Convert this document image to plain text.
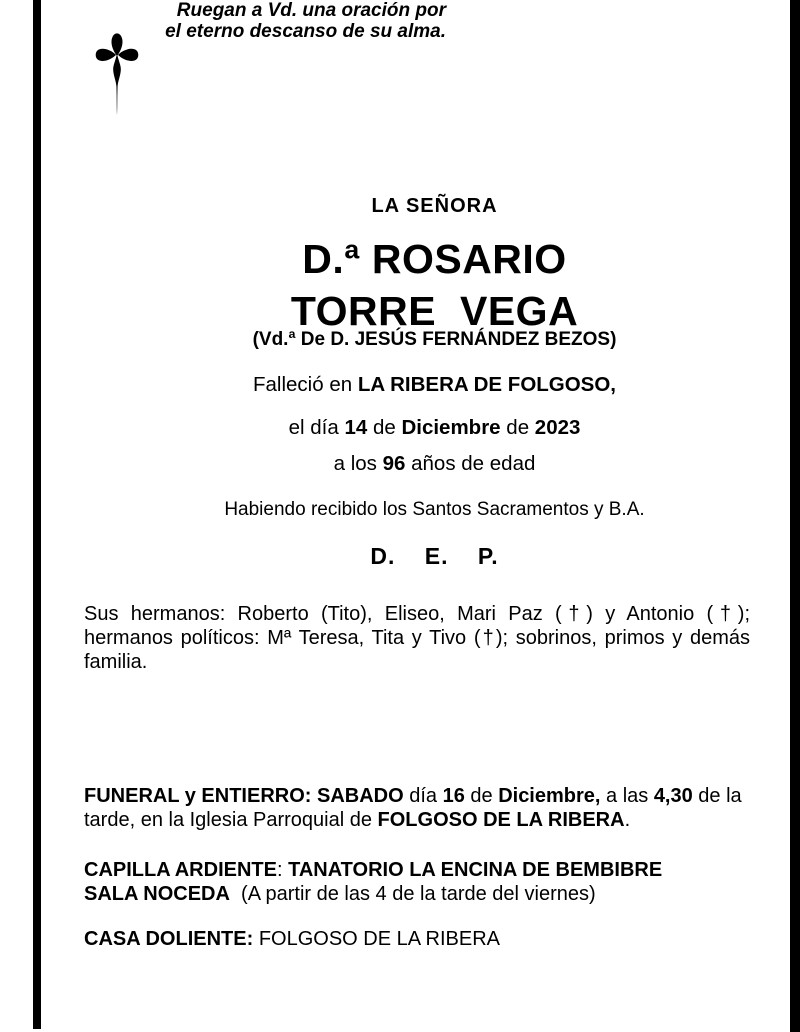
LA SEÑORA
D.ª ROSARIO
TORRE VEGA
(Vd.ª De D. JESÚS FERNÁNDEZ BEZOS)
Falleció en LA RIBERA DE FOLGOSO,
el día 14 de Diciembre de 2023
a los 96 años de edad
Habiendo recibido los Santos Sacramentos y B.A.
D. E. P.
Sus hermanos: Roberto (Tito), Eliseo, Mari Paz (†) y Antonio (†);
hermanos políticos: Mª Teresa, Tita y Tivo (†); sobrinos, primos y demás
familia.
Ruegan a Vd. una oración por
el eterno descanso de su alma.
FUNERAL y ENTIERRO: SABADO día 16 de Diciembre, a las 4,30 de la
tarde, en la Iglesia Parroquial de FOLGOSO DE LA RIBERA.
CAPILLA ARDIENTE: TANATORIO LA ENCINA DE BEMBIBRE
SALA NOCEDA  (A partir de las 4 de la tarde del viernes)
CASA DOLIENTE: FOLGOSO DE LA RIBERA
